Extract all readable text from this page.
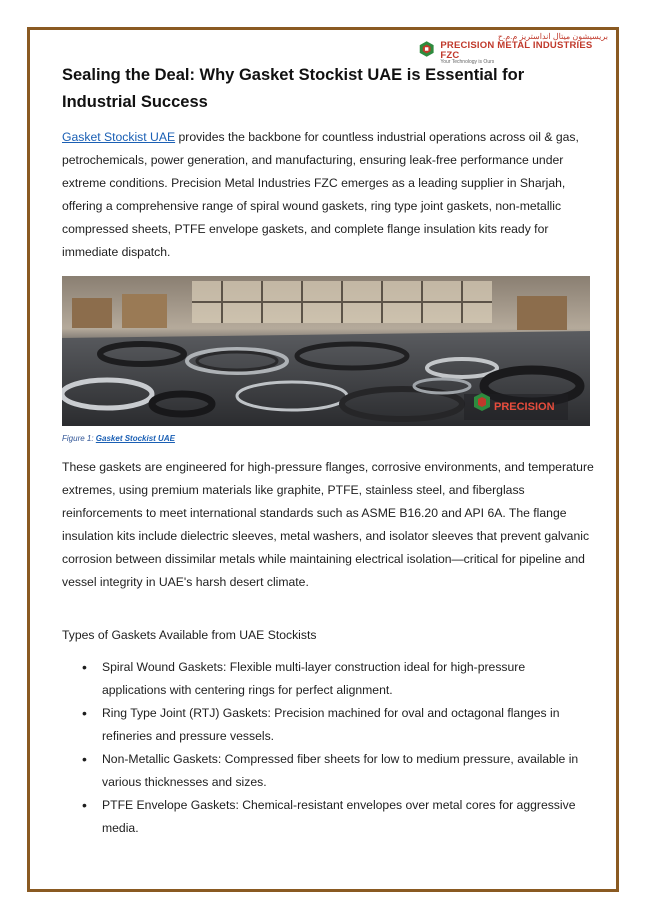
بريسيشون ميتال انداستريز م.م.ح
PRECISION METAL INDUSTRIES FZC
Your Technology is Ours
Sealing the Deal: Why Gasket Stockist UAE is Essential for Industrial Success

Gasket Stockist UAE provides the backbone for countless industrial operations across oil & gas, petrochemicals, power generation, and manufacturing, ensuring leak-free performance under extreme conditions. Precision Metal Industries FZC emerges as a leading supplier in Sharjah, offering a comprehensive range of spiral wound gaskets, ring type joint gaskets, non-metallic compressed sheets, PTFE envelope gaskets, and complete flange insulation kits ready for immediate dispatch.

PRECISION
Figure 1: Gasket Stockist UAE

These gaskets are engineered for high-pressure flanges, corrosive environments, and temperature extremes, using premium materials like graphite, PTFE, stainless steel, and fiberglass reinforcements to meet international standards such as ASME B16.20 and API 6A. The flange insulation kits include dielectric sleeves, metal washers, and isolator sleeves that prevent galvanic corrosion between dissimilar metals while maintaining electrical isolation—critical for pipeline and vessel integrity in UAE's harsh desert climate.

Types of Gaskets Available from UAE Stockists
• Spiral Wound Gaskets: Flexible multi-layer construction ideal for high-pressure applications with centering rings for perfect alignment.
• Ring Type Joint (RTJ) Gaskets: Precision machined for oval and octagonal flanges in refineries and pressure vessels.
• Non-Metallic Gaskets: Compressed fiber sheets for low to medium pressure, available in various thicknesses and sizes.
• PTFE Envelope Gaskets: Chemical-resistant envelopes over metal cores for aggressive media.
